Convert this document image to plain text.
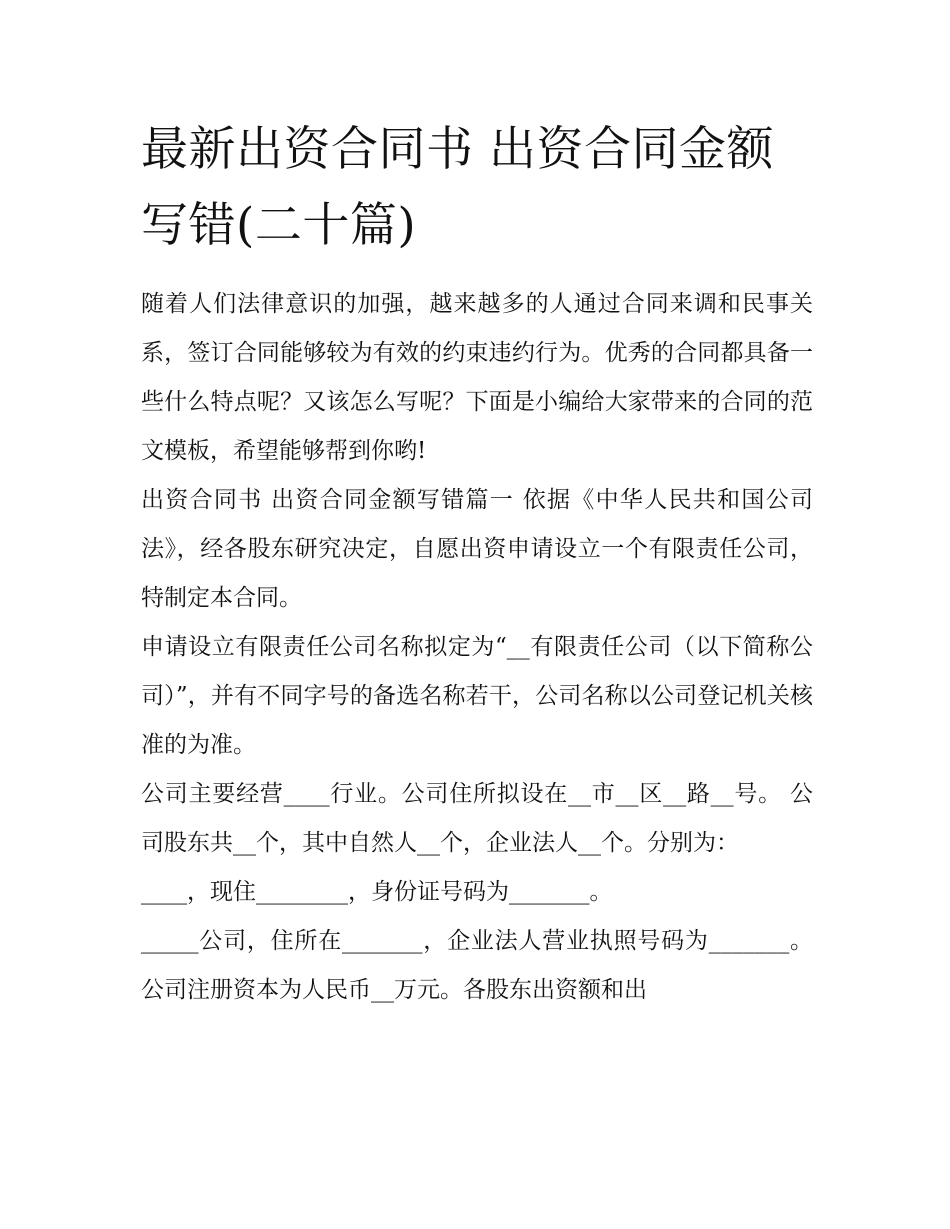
最新出资合同书 出资合同金额写错(二十篇)

随着人们法律意识的加强，越来越多的人通过合同来调和民事关系，签订合同能够较为有效的约束违约行为。优秀的合同都具备一些什么特点呢？又该怎么写呢？下面是小编给大家带来的合同的范文模板，希望能够帮到你哟!

出资合同书 出资合同金额写错篇一 依据《中华人民共和国公司法》，经各股东研究决定，自愿出资申请设立一个有限责任公司，特制定本合同。

申请设立有限责任公司名称拟定为“__有限责任公司（以下简称公司）”，并有不同字号的备选名称若干，公司名称以公司登记机关核准的为准。

公司主要经营____行业。公司住所拟设在__市__区__路__号。 公司股东共__个，其中自然人__个，企业法人__个。分别为：

____，现住________，身份证号码为_______。

_____公司，住所在_______，企业法人营业执照号码为_______。 公司注册资本为人民币__万元。各股东出资额和出
